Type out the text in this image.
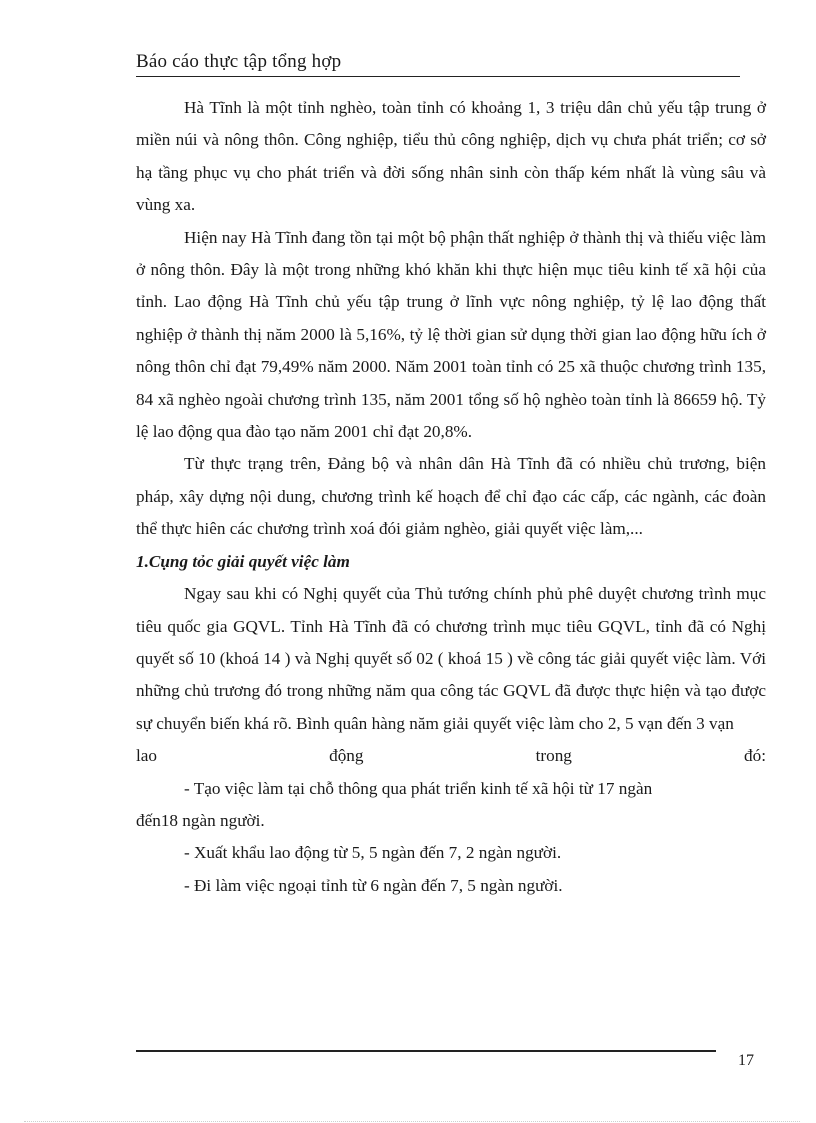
Báo cáo thực tập tổng hợp

Hà Tĩnh là một tỉnh nghèo, toàn tỉnh có khoảng 1, 3 triệu dân chủ yếu tập trung ở miền núi và nông thôn. Công nghiệp, tiểu thủ công nghiệp, dịch vụ chưa phát triển; cơ sở hạ tầng phục vụ cho phát triển và đời sống nhân sinh còn thấp kém nhất là vùng sâu và vùng xa.

Hiện nay Hà Tĩnh đang tồn tại một bộ phận thất nghiệp ở thành thị và thiếu việc làm ở nông thôn. Đây là một trong những khó khăn khi thực hiện mục tiêu kinh tế xã hội của tỉnh. Lao động Hà Tĩnh chủ yếu tập trung ở lĩnh vực nông nghiệp, tỷ lệ lao động thất nghiệp ở thành thị năm 2000 là 5,16%, tỷ lệ thời gian sử dụng thời gian lao động hữu ích ở nông thôn chỉ đạt 79,49% năm 2000. Năm 2001 toàn tỉnh có 25 xã thuộc chương trình 135, 84 xã nghèo ngoài chương trình 135, năm 2001 tổng số hộ nghèo toàn tỉnh là 86659 hộ. Tỷ lệ lao động qua đào tạo năm 2001 chỉ đạt 20,8%.

Từ thực trạng trên, Đảng bộ và nhân dân Hà Tĩnh đã có nhiều chủ trương, biện pháp, xây dựng nội dung, chương trình kế hoạch để chỉ đạo các cấp, các ngành, các đoàn thể thực hiên các chương trình xoá đói giảm nghèo, giải quyết việc làm,...

1.Cụng tỏc giải quyết việc làm

Ngay sau khi có Nghị quyết của Thủ tướng chính phủ phê duyệt chương trình mục tiêu quốc gia GQVL. Tỉnh Hà Tĩnh đã có chương trình mục tiêu GQVL, tỉnh đã có Nghị quyết số 10 (khoá 14 ) và Nghị quyết số 02 ( khoá 15 ) về công tác giải quyết việc làm. Với những chủ trương đó trong những năm qua công tác GQVL đã được thực hiện và tạo được sự chuyển biến khá rõ. Bình quân hàng năm giải quyết việc làm cho 2, 5 vạn đến 3 vạn

lao động trong đó:

- Tạo việc làm tại chỗ thông qua phát triển kinh tế xã hội từ 17 ngàn

đến18 ngàn người.

- Xuất khẩu lao động từ 5, 5 ngàn đến 7, 2 ngàn người.

- Đi làm việc ngoại tỉnh từ 6 ngàn đến 7, 5 ngàn người.

17
